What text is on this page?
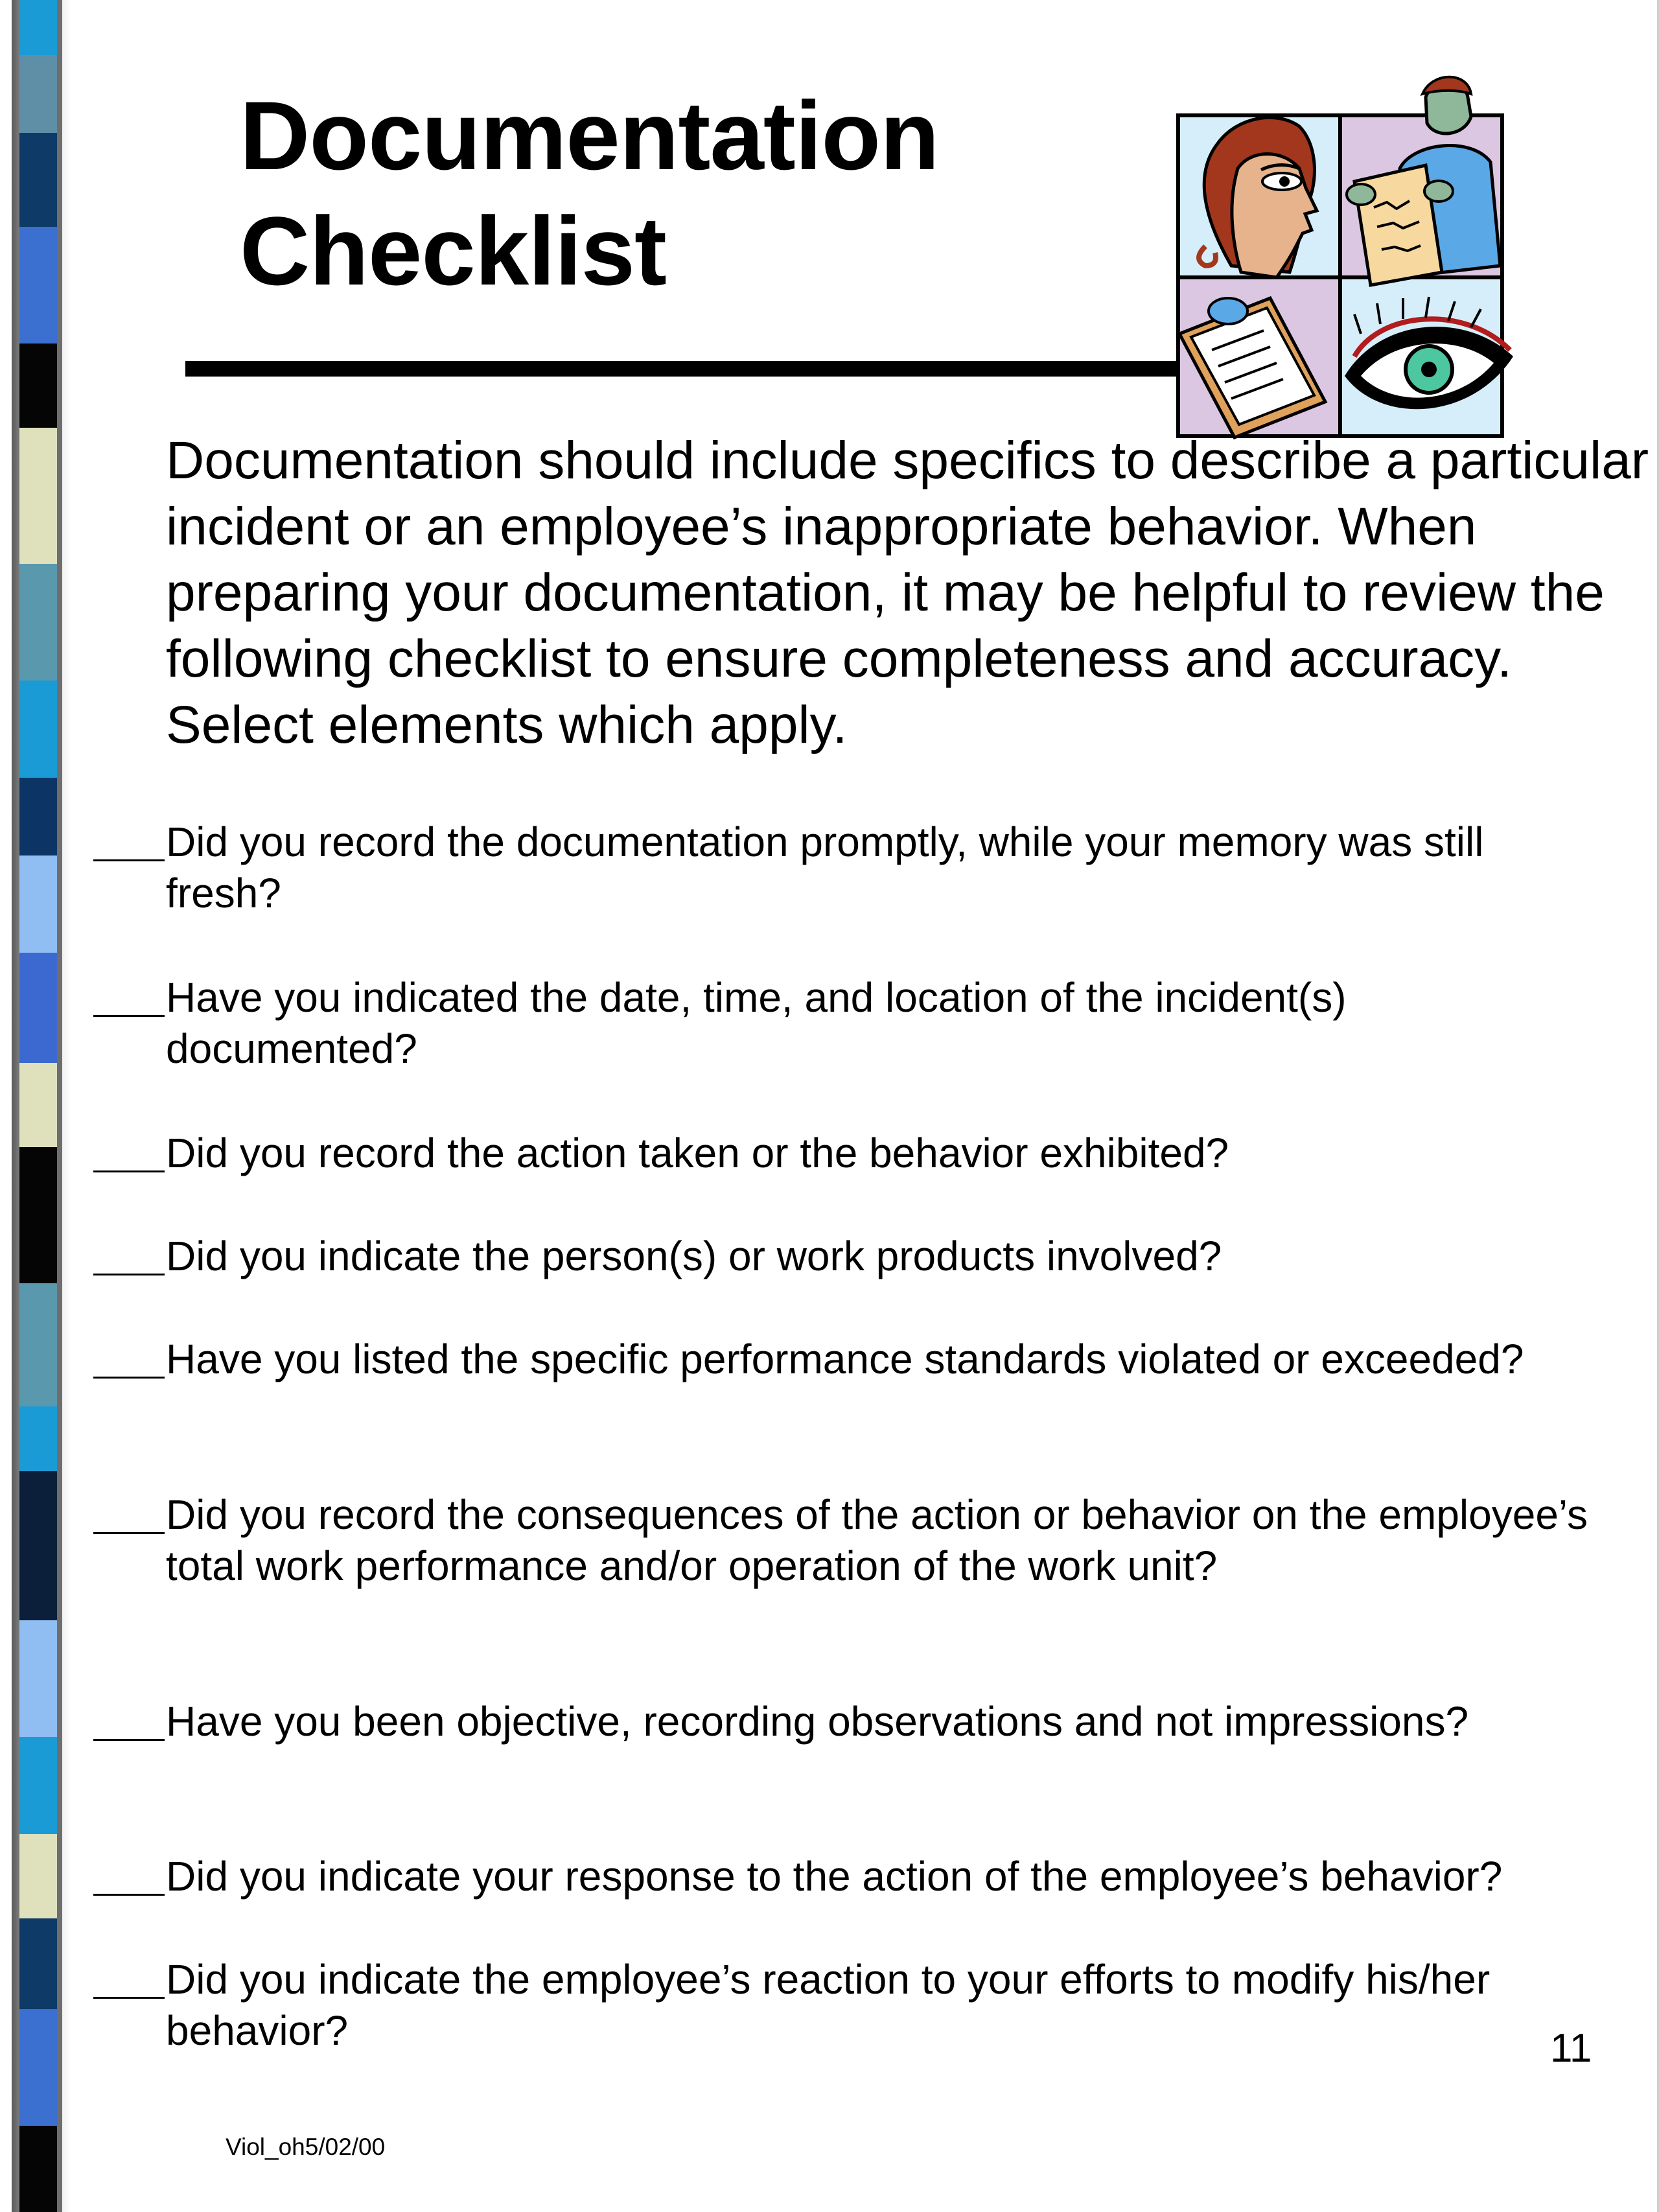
Documentation
Checklist
Documentation should include specifics to describe a particular incident or an employee’s inappropriate behavior. When preparing your documentation, it may be helpful to review the following checklist to ensure completeness and accuracy. Select elements which apply.
Did you record the documentation promptly, while your memory was still fresh?
Have you indicated the date, time, and location of the incident(s) documented?
Did you record the action taken or the behavior exhibited?
Did you indicate the person(s) or work products involved?
Have you listed the specific performance standards violated or exceeded?
Did you record the consequences of the action or behavior on the employee’s total work performance and/or operation of the work unit?
Have you been objective, recording observations and not impressions?
Did you indicate your response to the action of the employee’s behavior?
Did you indicate the employee’s reaction to your efforts to modify his/her behavior?	11
Viol_oh5/02/00
